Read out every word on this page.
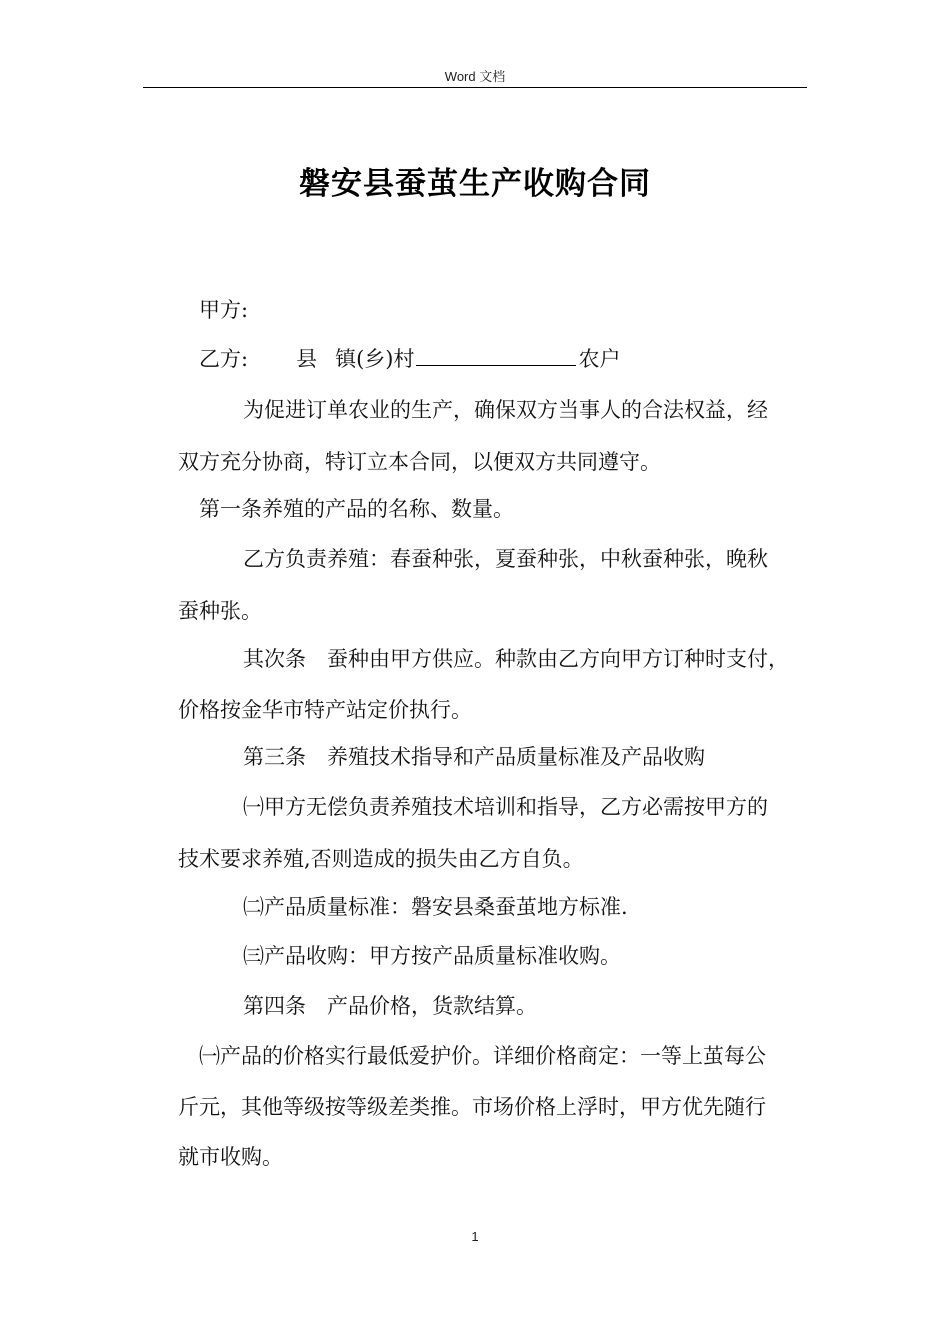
Word 文档
磐安县蚕茧生产收购合同
甲方:
乙方: 县 镇(乡)村	农户
为促进订单农业的生产，确保双方当事人的合法权益，经
双方充分协商，特订立本合同，以便双方共同遵守。
第一条养殖的产品的名称、数量。
乙方负责养殖：春蚕种张，夏蚕种张，中秋蚕种张，晚秋
蚕种张。
其次条　蚕种由甲方供应。种款由乙方向甲方订种时支付，
价格按金华市特产站定价执行。
第三条　养殖技术指导和产品质量标准及产品收购
㈠甲方无偿负责养殖技术培训和指导，乙方必需按甲方的
技术要求养殖,否则造成的损失由乙方自负。
㈡产品质量标准：磐安县桑蚕茧地方标准.
㈢产品收购：甲方按产品质量标准收购。
第四条　产品价格，货款结算。
㈠产品的价格实行最低爱护价。详细价格商定：一等上茧每公
斤元，其他等级按等级差类推。市场价格上浮时，甲方优先随行
就市收购。
1
